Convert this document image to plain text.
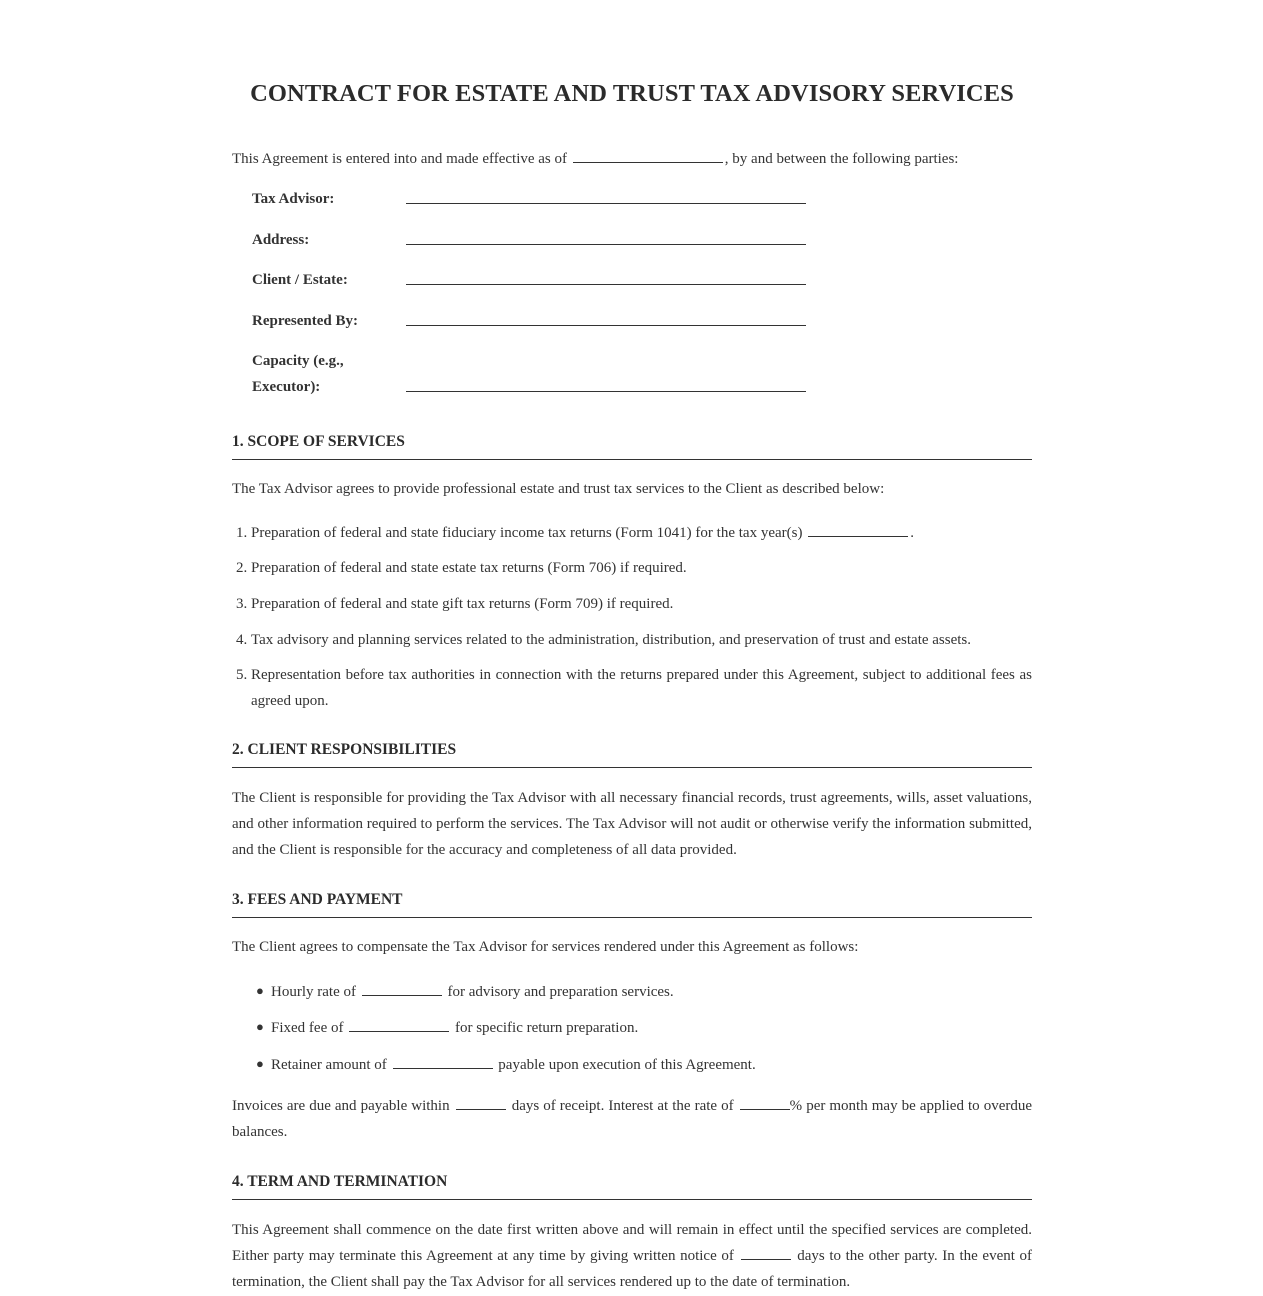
CONTRACT FOR ESTATE AND TRUST TAX ADVISORY SERVICES
This Agreement is entered into and made effective as of	, by and between the following parties:
Tax Advisor:
Address:
Client / Estate:
Represented By:
Capacity (e.g.,
Executor):
1. SCOPE OF SERVICES

The Tax Advisor agrees to provide professional estate and trust tax services to the Client as described below:

1. Preparation of federal and state fiduciary income tax returns (Form 1041) for the tax year(s)	.
2. Preparation of federal and state estate tax returns (Form 706) if required.
3. Preparation of federal and state gift tax returns (Form 709) if required.
4. Tax advisory and planning services related to the administration, distribution, and preservation of trust and estate assets.
5. Representation before tax authorities in connection with the returns prepared under this Agreement, subject to additional fees as agreed upon.
2. CLIENT RESPONSIBILITIES

The Client is responsible for providing the Tax Advisor with all necessary financial records, trust agreements, wills, asset valuations, and other information required to perform the services. The Tax Advisor will not audit or otherwise verify the information submitted, and the Client is responsible for the accuracy and completeness of all data provided.

3. FEES AND PAYMENT

The Client agrees to compensate the Tax Advisor for services rendered under this Agreement as follows:

● Hourly rate of	for advisory and preparation services.
● Fixed fee of	for specific return preparation.
● Retainer amount of	payable upon execution of this Agreement.

Invoices are due and payable within	days of receipt. Interest at the rate of	% per month may be applied to overdue balances.

4. TERM AND TERMINATION

This Agreement shall commence on the date first written above and will remain in effect until the specified services are completed. Either party may terminate this Agreement at any time by giving written notice of	days to the other party. In the event of termination, the Client shall pay the Tax Advisor for all services rendered up to the date of termination.
